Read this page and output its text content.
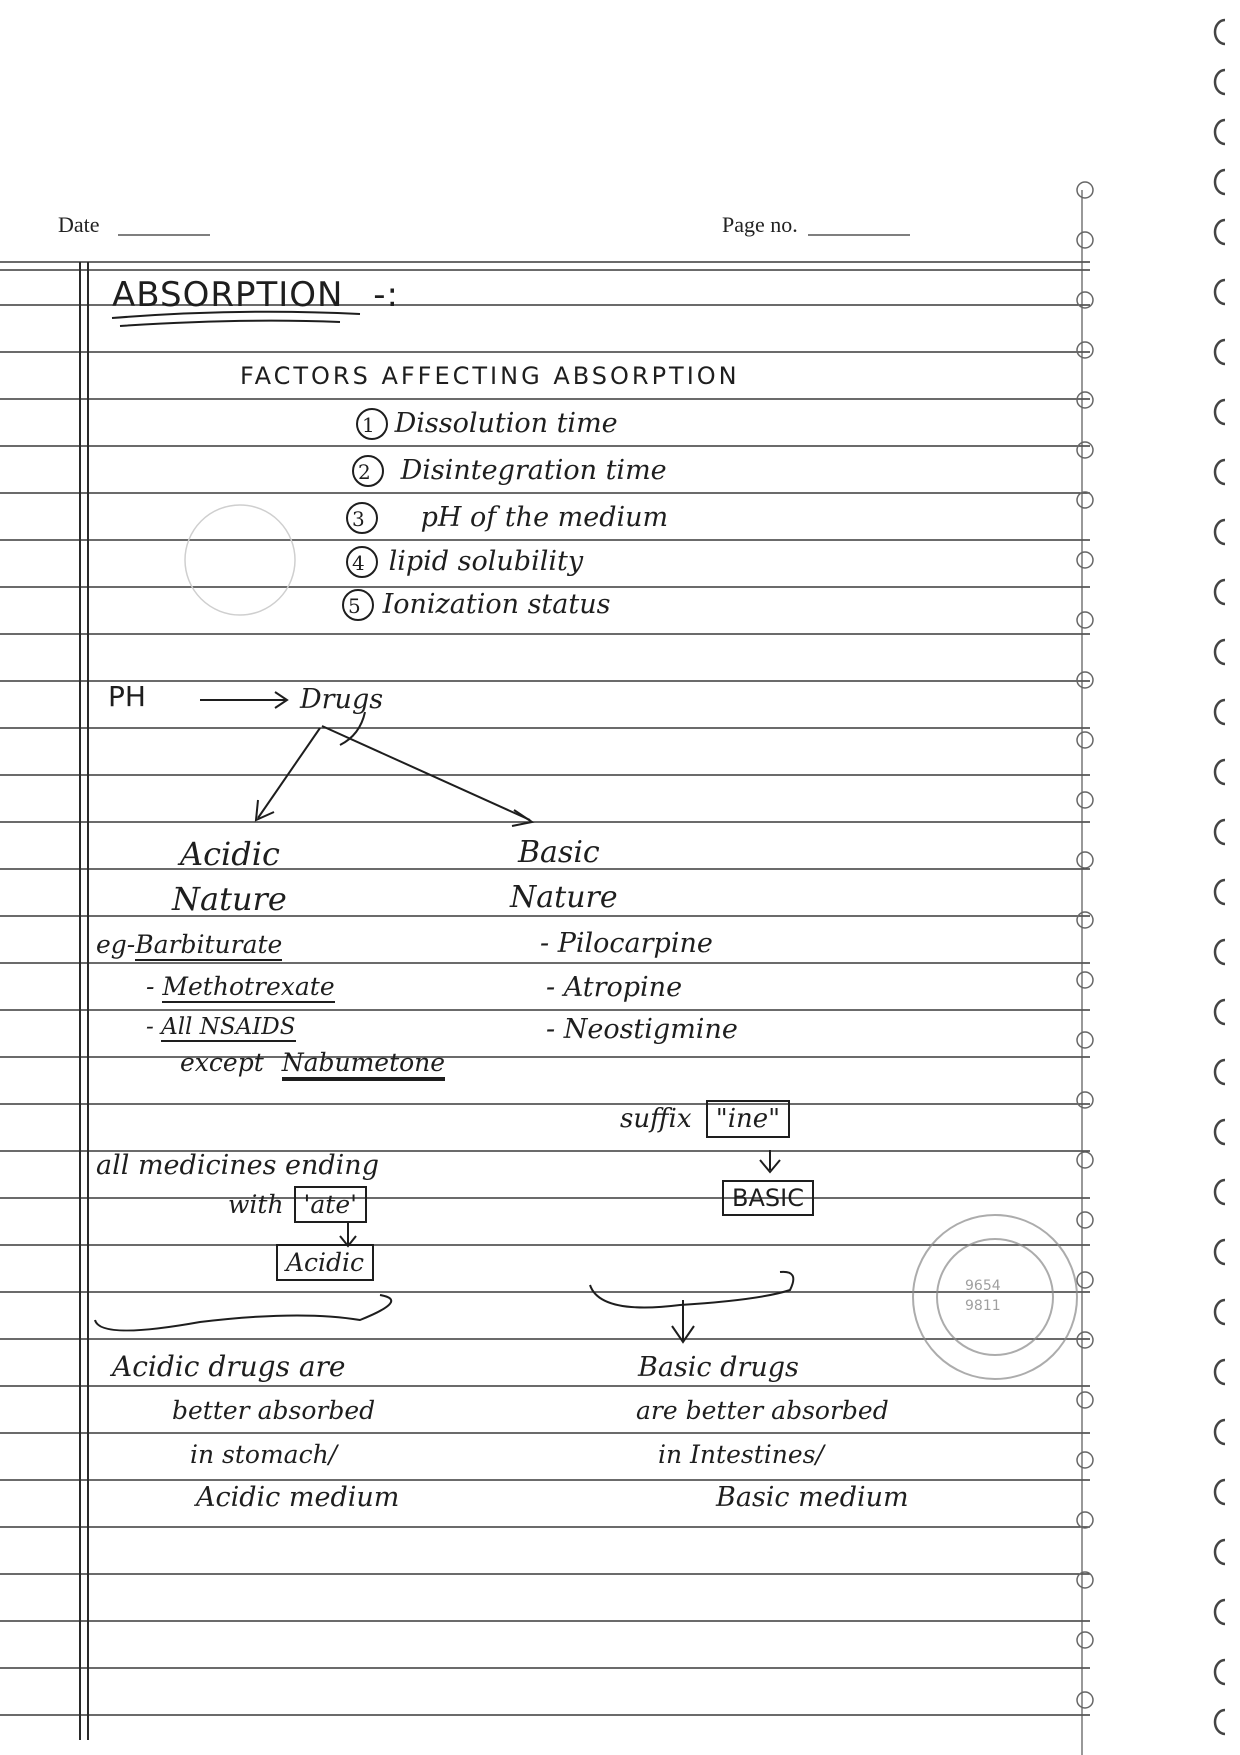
9654
9811
Date	Page no.
ABSORPTION -:
FACTORS AFFECTING ABSORPTION
1 Dissolution time
2 Disintegration time
3 pH of the medium
4 lipid solubility
5 Ionization status
PH	Drugs
Acidic
Nature
eg-Barbiturate
- Methotrexate
- All NSAIDS
except Nabumetone
all medicines ending
with 'ate'
Acidic
Acidic drugs are
better absorbed
in stomach/
Acidic medium
Basic
Nature
- Pilocarpine
- Atropine
- Neostigmine
suffix "ine"
BASIC
Basic drugs
are better absorbed
in Intestines/
Basic medium
